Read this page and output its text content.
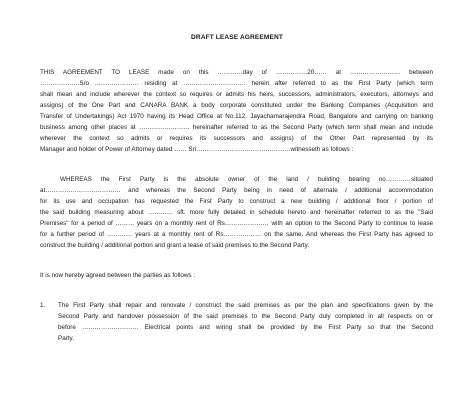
DRAFT LEASE AGREEMENT
THIS AGREEMENT TO LEASE made on this …………day of ……………20…… at …………………… between
……………….S/o ………………… residing at ………………………… herein after referred to as the First Party (which term
shall mean and include wherever the context so requires or admits his heirs, successors, administrators, executors, attorneys and
assigns) of the One Part and CANARA BANK a body corporate constituted under the Banking Companies (Acquisition and
Transfer of Undertakings) Act 1970 having its Head Office at No.112, Jayachamarajendra Road, Bangalore and carrying on banking
business among other places at …………………… hereinafter referred to as the Second Party (which term shall mean and include
wherever the context so admits or requires its successors and assigns) of the Other Part represented by its
Manager and holder of Power of Attorney dated …… Sri………………………………………witnesseth as follows :
WHEREAS the First Party is the absolute owner of the land / building bearing no…………situated
at……………………………… and whereas the Second Party being in need of alternate / additional accommodation
for its use and occupation has requested the First Party to construct a new building / additional floor / portion of
the said building measuring about ………… sft. more fully detailed in schedule hereto and hereinafter referred to as the "Said
Premises" for a period of ……… years on a monthly rent of Rs………………… with an option to the Second Party to continue to lease
for a further period of ………… years at a monthly rent of Rs……………… on the same. And whereas the First Party has agreed to
construct the building / additional portion and grant a lease of said premises to the Second Party.
It is now hereby agreed between the parties as follows :
1. The First Party shall repair and renovate / construct the said premises as per the plan and specifications given by the
Second Party and handover possession of the said premises to the Second Party duly completed in all respects on or
before ……………………… Electrical points and wiring shall be provided by the First Party so that the Second
Party.
